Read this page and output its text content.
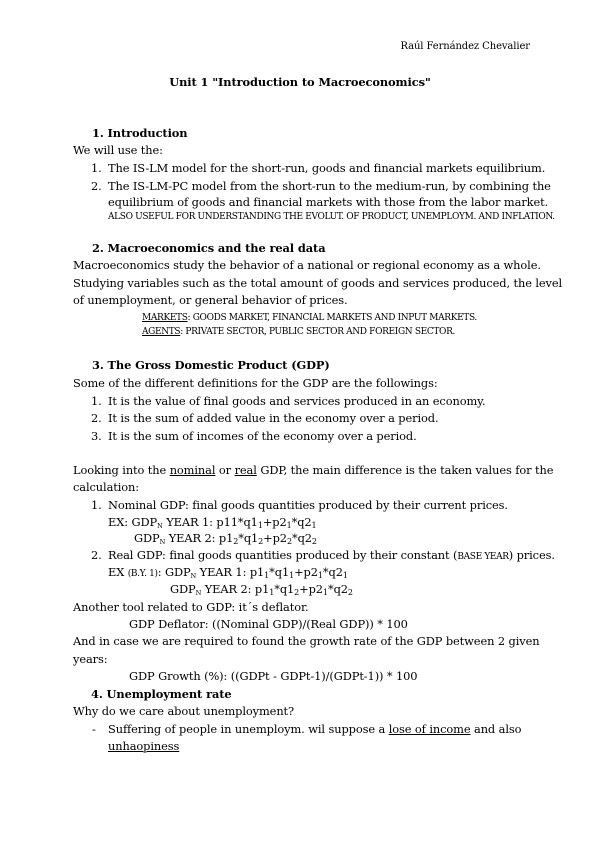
Raúl Fernández Chevalier
Unit 1 "Introduction to Macroeconomics"
1. Introduction
We will use the:
1. The IS-LM model for the short-run, goods and financial markets equilibrium.
2. The IS-LM-PC model from the short-run to the medium-run, by combining the
equilibrium of goods and financial markets with those from the labor market.
ALSO USEFUL FOR UNDERSTANDING THE EVOLUT. OF PRODUCT, UNEMPLOYM. AND INFLATION.
2. Macroeconomics and the real data
Macroeconomics study the behavior of a national or regional economy as a whole.
Studying variables such as the total amount of goods and services produced, the level
of unemployment, or general behavior of prices.
MARKETS: GOODS MARKET, FINANCIAL MARKETS AND INPUT MARKETS.
AGENTS: PRIVATE SECTOR, PUBLIC SECTOR AND FOREIGN SECTOR.
3. The Gross Domestic Product (GDP)
Some of the different definitions for the GDP are the followings:
1. It is the value of final goods and services produced in an economy.
2. It is the sum of added value in the economy over a period.
3. It is the sum of incomes of the economy over a period.
Looking into the nominal or real GDP, the main difference is the taken values for the
calculation:
1. Nominal GDP: final goods quantities produced by their current prices.
EX: GDPN YEAR 1: p11*q11+p21*q21
GDPN YEAR 2: p12*q12+p22*q22
2. Real GDP: final goods quantities produced by their constant (BASE YEAR) prices.
EX (B.Y. 1): GDPN YEAR 1: p11*q11+p21*q21
GDPN YEAR 2: p11*q12+p21*q22
Another tool related to GDP: it´s deflator.
GDP Deflator: ((Nominal GDP)/(Real GDP)) * 100
And in case we are required to found the growth rate of the GDP between 2 given
years:
GDP Growth (%): ((GDPt - GDPt-1)/(GDPt-1)) * 100
4. Unemployment rate
Why do we care about unemployment?
- Suffering of people in unemploym. wil suppose a lose of income and also
unhaopiness
